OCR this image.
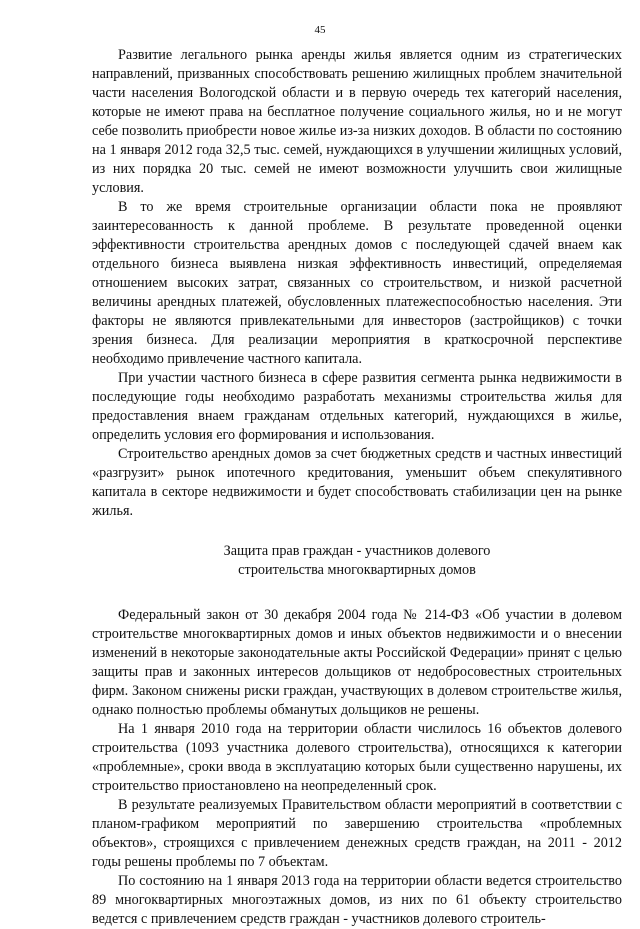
45

Развитие легального рынка аренды жилья является одним из стратегических направлений, призванных способствовать решению жилищных проблем значительной части населения Вологодской области и в первую очередь тех категорий населения, которые не имеют права на бесплатное получение социального жилья, но и не могут себе позволить приобрести новое жилье из-за низких доходов. В области по состоянию на 1 января 2012 года 32,5 тыс. семей, нуждающихся в улучшении жилищных условий, из них порядка 20 тыс. семей не имеют возможности улучшить свои жилищные условия.

В то же время строительные организации области пока не проявляют заинтересованность к данной проблеме. В результате проведенной оценки эффективности строительства арендных домов с последующей сдачей внаем как отдельного бизнеса выявлена низкая эффективность инвестиций, определяемая отношением высоких затрат, связанных со строительством, и низкой расчетной величины арендных платежей, обусловленных платежеспособностью населения. Эти факторы не являются привлекательными для инвесторов (застройщиков) с точки зрения бизнеса. Для реализации мероприятия в краткосрочной перспективе необходимо привлечение частного капитала.

При участии частного бизнеса в сфере развития сегмента рынка недвижимости в последующие годы необходимо разработать механизмы строительства жилья для предоставления внаем гражданам отдельных категорий, нуждающихся в жилье, определить условия его формирования и использования.

Строительство арендных домов за счет бюджетных средств и частных инвестиций «разгрузит» рынок ипотечного кредитования, уменьшит объем спекулятивного капитала в секторе недвижимости и будет способствовать стабилизации цен на рынке жилья.

Защита прав граждан - участников долевого
строительства многоквартирных домов

Федеральный закон от 30 декабря 2004 года № 214-ФЗ «Об участии в долевом строительстве многоквартирных домов и иных объектов недвижимости и о внесении изменений в некоторые законодательные акты Российской Федерации» принят с целью защиты прав и законных интересов дольщиков от недобросовестных строительных фирм. Законом снижены риски граждан, участвующих в долевом строительстве жилья, однако полностью проблемы обманутых дольщиков не решены.

На 1 января 2010 года на территории области числилось 16 объектов долевого строительства (1093 участника долевого строительства), относящихся к категории «проблемные», сроки ввода в эксплуатацию которых были существенно нарушены, их строительство приостановлено на неопределенный срок.

В результате реализуемых Правительством области мероприятий в соответствии с планом-графиком мероприятий по завершению строительства «проблемных объектов», строящихся с привлечением денежных средств граждан, на 2011 - 2012 годы решены проблемы по 7 объектам.

По состоянию на 1 января 2013 года на территории области ведется строительство 89 многоквартирных многоэтажных домов, из них по 61 объекту строительство ведется с привлечением средств граждан - участников долевого строитель-
